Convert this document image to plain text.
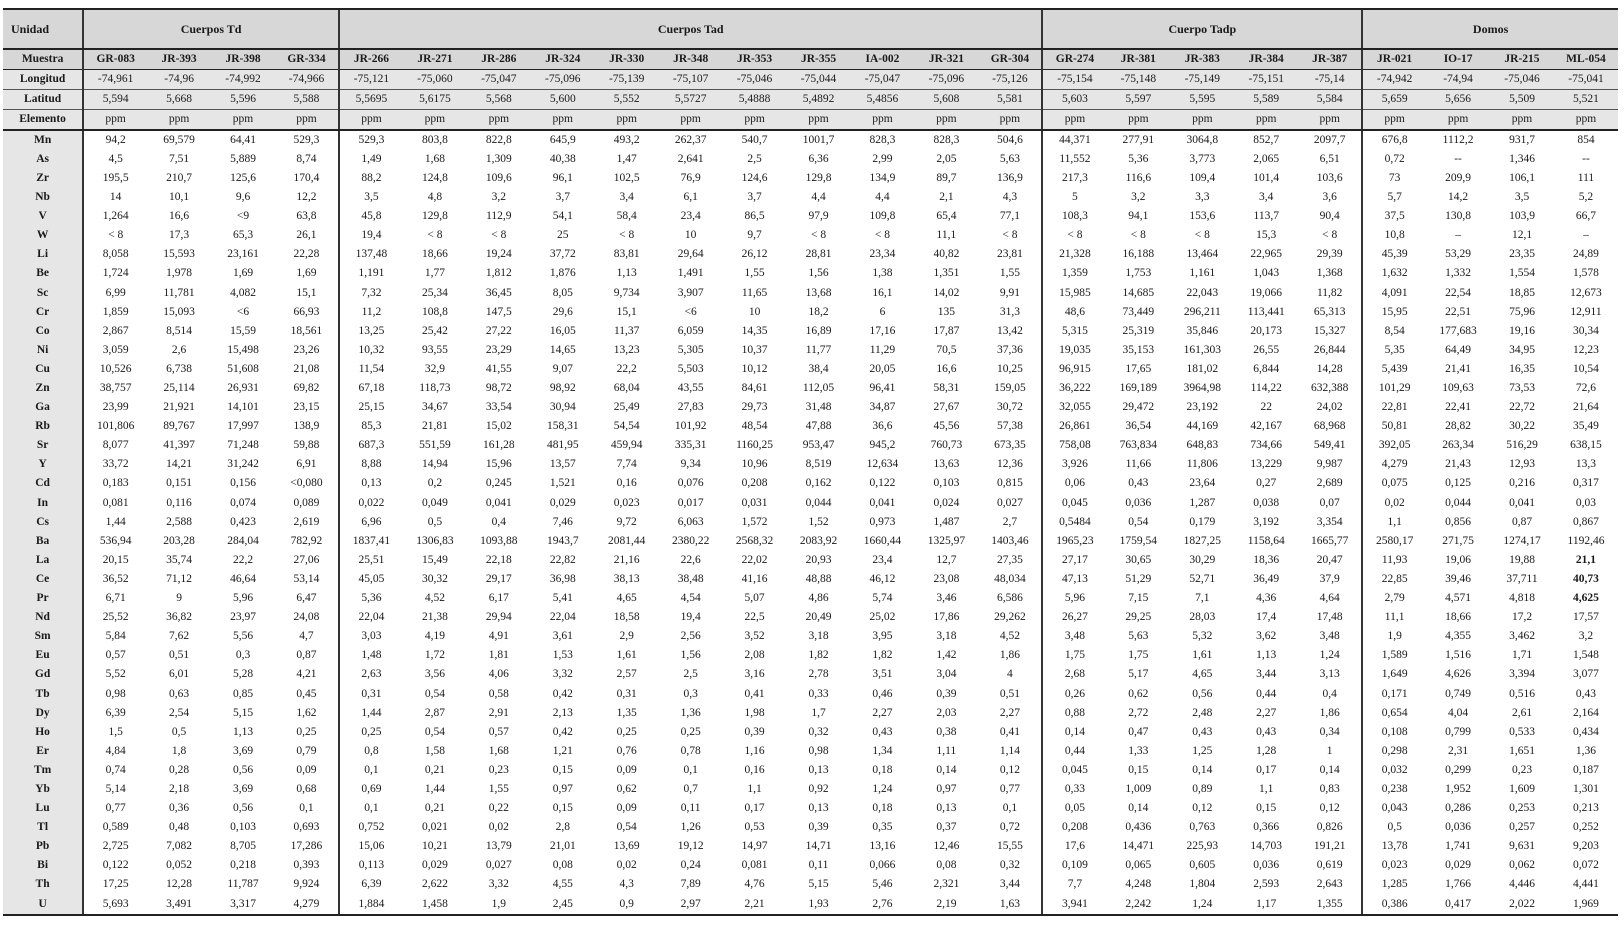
Unidad	Cuerpos Td				Cuerpos Tad											Cuerpo Tadp					Domos			
Muestra	GR-083	JR-393	JR-398	GR-334	JR-266	JR-271	JR-286	JR-324	JR-330	JR-348	JR-353	JR-355	IA-002	JR-321	GR-304	GR-274	JR-381	JR-383	JR-384	JR-387	JR-021	IO-17	JR-215	ML-054
Longitud	-74,961	-74,96	-74,992	-74,966	-75,121	-75,060	-75,047	-75,096	-75,139	-75,107	-75,046	-75,044	-75,047	-75,096	-75,126	-75,154	-75,148	-75,149	-75,151	-75,14	-74,942	-74,94	-75,046	-75,041
Latitud	5,594	5,668	5,596	5,588	5,5695	5,6175	5,568	5,600	5,552	5,5727	5,4888	5,4892	5,4856	5,608	5,581	5,603	5,597	5,595	5,589	5,584	5,659	5,656	5,509	5,521
Elemento	ppm	ppm	ppm	ppm	ppm	ppm	ppm	ppm	ppm	ppm	ppm	ppm	ppm	ppm	ppm	ppm	ppm	ppm	ppm	ppm	ppm	ppm	ppm	ppm
Mn	94,2	69,579	64,41	529,3	529,3	803,8	822,8	645,9	493,2	262,37	540,7	1001,7	828,3	828,3	504,6	44,371	277,91	3064,8	852,7	2097,7	676,8	1112,2	931,7	854
As	4,5	7,51	5,889	8,74	1,49	1,68	1,309	40,38	1,47	2,641	2,5	6,36	2,99	2,05	5,63	11,552	5,36	3,773	2,065	6,51	0,72	--	1,346	--
Zr	195,5	210,7	125,6	170,4	88,2	124,8	109,6	96,1	102,5	76,9	124,6	129,8	134,9	89,7	136,9	217,3	116,6	109,4	101,4	103,6	73	209,9	106,1	111
Nb	14	10,1	9,6	12,2	3,5	4,8	3,2	3,7	3,4	6,1	3,7	4,4	4,4	2,1	4,3	5	3,2	3,3	3,4	3,6	5,7	14,2	3,5	5,2
V	1,264	16,6	<9	63,8	45,8	129,8	112,9	54,1	58,4	23,4	86,5	97,9	109,8	65,4	77,1	108,3	94,1	153,6	113,7	90,4	37,5	130,8	103,9	66,7
W	< 8	17,3	65,3	26,1	19,4	< 8	< 8	25	< 8	10	9,7	< 8	< 8	11,1	< 8	< 8	< 8	< 8	15,3	< 8	10,8	–	12,1	–
Li	8,058	15,593	23,161	22,28	137,48	18,66	19,24	37,72	83,81	29,64	26,12	28,81	23,34	40,82	23,81	21,328	16,188	13,464	22,965	29,39	45,39	53,29	23,35	24,89
Be	1,724	1,978	1,69	1,69	1,191	1,77	1,812	1,876	1,13	1,491	1,55	1,56	1,38	1,351	1,55	1,359	1,753	1,161	1,043	1,368	1,632	1,332	1,554	1,578
Sc	6,99	11,781	4,082	15,1	7,32	25,34	36,45	8,05	9,734	3,907	11,65	13,68	16,1	14,02	9,91	15,985	14,685	22,043	19,066	11,82	4,091	22,54	18,85	12,673
Cr	1,859	15,093	<6	66,93	11,2	108,8	147,5	29,6	15,1	<6	10	18,2	6	135	31,3	48,6	73,449	296,211	113,441	65,313	15,95	22,51	75,96	12,911
Co	2,867	8,514	15,59	18,561	13,25	25,42	27,22	16,05	11,37	6,059	14,35	16,89	17,16	17,87	13,42	5,315	25,319	35,846	20,173	15,327	8,54	177,683	19,16	30,34
Ni	3,059	2,6	15,498	23,26	10,32	93,55	23,29	14,65	13,23	5,305	10,37	11,77	11,29	70,5	37,36	19,035	35,153	161,303	26,55	26,844	5,35	64,49	34,95	12,23
Cu	10,526	6,738	51,608	21,08	11,54	32,9	41,55	9,07	22,2	5,503	10,12	38,4	20,05	16,6	10,25	96,915	17,65	181,02	6,844	14,28	5,439	21,41	16,35	10,54
Zn	38,757	25,114	26,931	69,82	67,18	118,73	98,72	98,92	68,04	43,55	84,61	112,05	96,41	58,31	159,05	36,222	169,189	3964,98	114,22	632,388	101,29	109,63	73,53	72,6
Ga	23,99	21,921	14,101	23,15	25,15	34,67	33,54	30,94	25,49	27,83	29,73	31,48	34,87	27,67	30,72	32,055	29,472	23,192	22	24,02	22,81	22,41	22,72	21,64
Rb	101,806	89,767	17,997	138,9	85,3	21,81	15,02	158,31	54,54	101,92	48,54	47,88	36,6	45,56	57,38	26,861	36,54	44,169	42,167	68,968	50,81	28,82	30,22	35,49
Sr	8,077	41,397	71,248	59,88	687,3	551,59	161,28	481,95	459,94	335,31	1160,25	953,47	945,2	760,73	673,35	758,08	763,834	648,83	734,66	549,41	392,05	263,34	516,29	638,15
Y	33,72	14,21	31,242	6,91	8,88	14,94	15,96	13,57	7,74	9,34	10,96	8,519	12,634	13,63	12,36	3,926	11,66	11,806	13,229	9,987	4,279	21,43	12,93	13,3
Cd	0,183	0,151	0,156	<0,080	0,13	0,2	0,245	1,521	0,16	0,076	0,208	0,162	0,122	0,103	0,815	0,06	0,43	23,64	0,27	2,689	0,075	0,125	0,216	0,317
In	0,081	0,116	0,074	0,089	0,022	0,049	0,041	0,029	0,023	0,017	0,031	0,044	0,041	0,024	0,027	0,045	0,036	1,287	0,038	0,07	0,02	0,044	0,041	0,03
Cs	1,44	2,588	0,423	2,619	6,96	0,5	0,4	7,46	9,72	6,063	1,572	1,52	0,973	1,487	2,7	0,5484	0,54	0,179	3,192	3,354	1,1	0,856	0,87	0,867
Ba	536,94	203,28	284,04	782,92	1837,41	1306,83	1093,88	1943,7	2081,44	2380,22	2568,32	2083,92	1660,44	1325,97	1403,46	1965,23	1759,54	1827,25	1158,64	1665,77	2580,17	271,75	1274,17	1192,46
La	20,15	35,74	22,2	27,06	25,51	15,49	22,18	22,82	21,16	22,6	22,02	20,93	23,4	12,7	27,35	27,17	30,65	30,29	18,36	20,47	11,93	19,06	19,88	21,1
Ce	36,52	71,12	46,64	53,14	45,05	30,32	29,17	36,98	38,13	38,48	41,16	48,88	46,12	23,08	48,034	47,13	51,29	52,71	36,49	37,9	22,85	39,46	37,711	40,73
Pr	6,71	9	5,96	6,47	5,36	4,52	6,17	5,41	4,65	4,54	5,07	4,86	5,74	3,46	6,586	5,96	7,15	7,1	4,36	4,64	2,79	4,571	4,818	4,625
Nd	25,52	36,82	23,97	24,08	22,04	21,38	29,94	22,04	18,58	19,4	22,5	20,49	25,02	17,86	29,262	26,27	29,25	28,03	17,4	17,48	11,1	18,66	17,2	17,57
Sm	5,84	7,62	5,56	4,7	3,03	4,19	4,91	3,61	2,9	2,56	3,52	3,18	3,95	3,18	4,52	3,48	5,63	5,32	3,62	3,48	1,9	4,355	3,462	3,2
Eu	0,57	0,51	0,3	0,87	1,48	1,72	1,81	1,53	1,61	1,56	2,08	1,82	1,82	1,42	1,86	1,75	1,75	1,61	1,13	1,24	1,589	1,516	1,71	1,548
Gd	5,52	6,01	5,28	4,21	2,63	3,56	4,06	3,32	2,57	2,5	3,16	2,78	3,51	3,04	4	2,68	5,17	4,65	3,44	3,13	1,649	4,626	3,394	3,077
Tb	0,98	0,63	0,85	0,45	0,31	0,54	0,58	0,42	0,31	0,3	0,41	0,33	0,46	0,39	0,51	0,26	0,62	0,56	0,44	0,4	0,171	0,749	0,516	0,43
Dy	6,39	2,54	5,15	1,62	1,44	2,87	2,91	2,13	1,35	1,36	1,98	1,7	2,27	2,03	2,27	0,88	2,72	2,48	2,27	1,86	0,654	4,04	2,61	2,164
Ho	1,5	0,5	1,13	0,25	0,25	0,54	0,57	0,42	0,25	0,25	0,39	0,32	0,43	0,38	0,41	0,14	0,47	0,43	0,43	0,34	0,108	0,799	0,533	0,434
Er	4,84	1,8	3,69	0,79	0,8	1,58	1,68	1,21	0,76	0,78	1,16	0,98	1,34	1,11	1,14	0,44	1,33	1,25	1,28	1	0,298	2,31	1,651	1,36
Tm	0,74	0,28	0,56	0,09	0,1	0,21	0,23	0,15	0,09	0,1	0,16	0,13	0,18	0,14	0,12	0,045	0,15	0,14	0,17	0,14	0,032	0,299	0,23	0,187
Yb	5,14	2,18	3,69	0,68	0,69	1,44	1,55	0,97	0,62	0,7	1,1	0,92	1,24	0,97	0,77	0,33	1,009	0,89	1,1	0,83	0,238	1,952	1,609	1,301
Lu	0,77	0,36	0,56	0,1	0,1	0,21	0,22	0,15	0,09	0,11	0,17	0,13	0,18	0,13	0,1	0,05	0,14	0,12	0,15	0,12	0,043	0,286	0,253	0,213
Tl	0,589	0,48	0,103	0,693	0,752	0,021	0,02	2,8	0,54	1,26	0,53	0,39	0,35	0,37	0,72	0,208	0,436	0,763	0,366	0,826	0,5	0,036	0,257	0,252
Pb	2,725	7,082	8,705	17,286	15,06	10,21	13,79	21,01	13,69	19,12	14,97	14,71	13,16	12,46	15,55	17,6	14,471	225,93	14,703	191,21	13,78	1,741	9,631	9,203
Bi	0,122	0,052	0,218	0,393	0,113	0,029	0,027	0,08	0,02	0,24	0,081	0,11	0,066	0,08	0,32	0,109	0,065	0,605	0,036	0,619	0,023	0,029	0,062	0,072
Th	17,25	12,28	11,787	9,924	6,39	2,622	3,32	4,55	4,3	7,89	4,76	5,15	5,46	2,321	3,44	7,7	4,248	1,804	2,593	2,643	1,285	1,766	4,446	4,441
U	5,693	3,491	3,317	4,279	1,884	1,458	1,9	2,45	0,9	2,97	2,21	1,93	2,76	2,19	1,63	3,941	2,242	1,24	1,17	1,355	0,386	0,417	2,022	1,969
